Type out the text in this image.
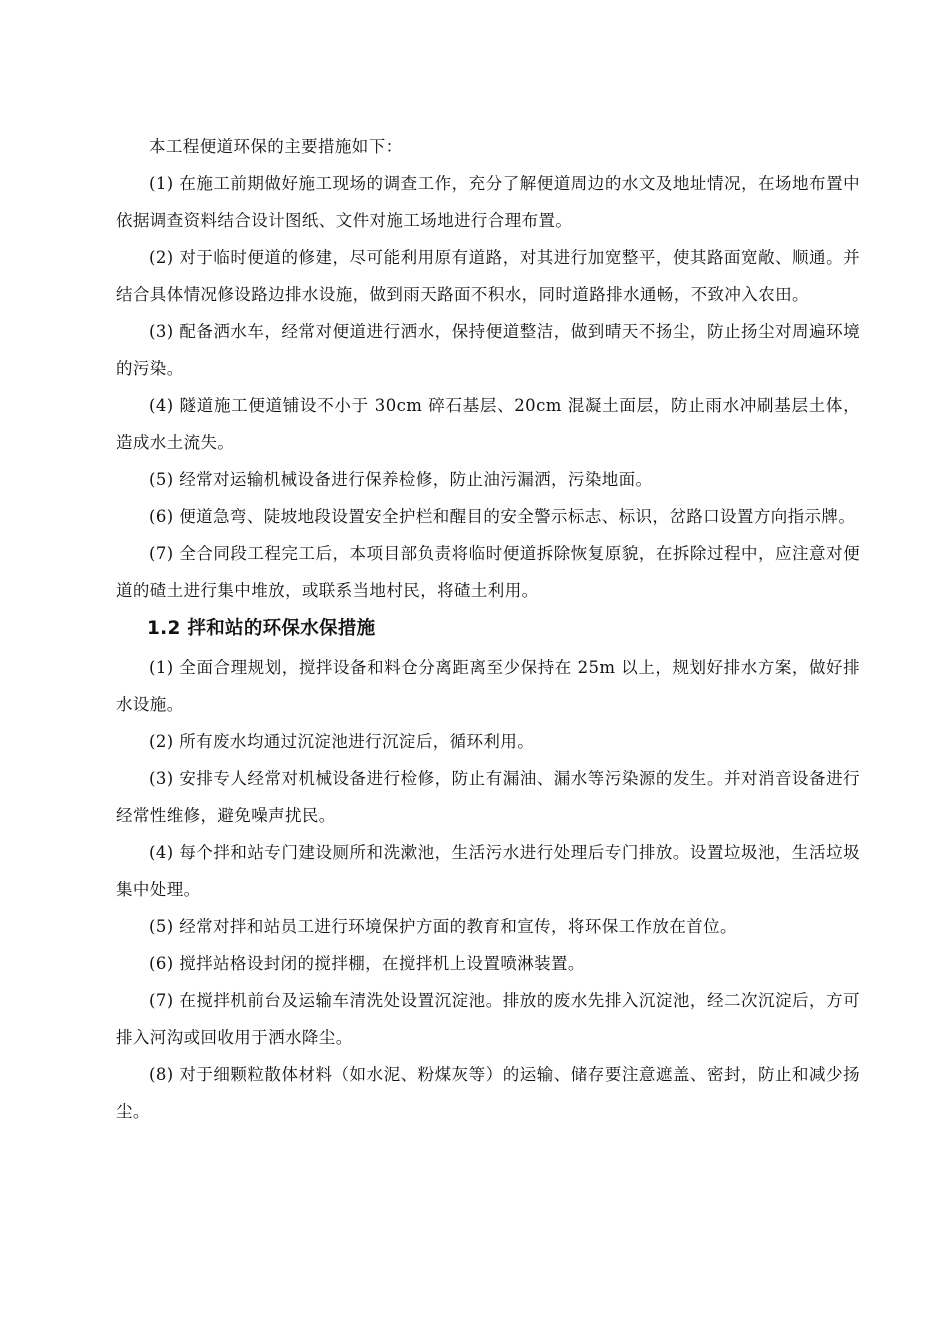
本工程便道环保的主要措施如下：

(1) 在施工前期做好施工现场的调查工作，充分了解便道周边的水文及地址情况，在场地布置中依据调查资料结合设计图纸、文件对施工场地进行合理布置。

(2) 对于临时便道的修建，尽可能利用原有道路，对其进行加宽整平，使其路面宽敞、顺通。并结合具体情况修设路边排水设施，做到雨天路面不积水，同时道路排水通畅，不致冲入农田。

(3) 配备洒水车，经常对便道进行洒水，保持便道整洁，做到晴天不扬尘，防止扬尘对周遍环境的污染。

(4) 隧道施工便道铺设不小于 30cm 碎石基层、20cm 混凝土面层，防止雨水冲刷基层土体，造成水土流失。

(5) 经常对运输机械设备进行保养检修，防止油污漏洒，污染地面。

(6) 便道急弯、陡坡地段设置安全护栏和醒目的安全警示标志、标识，岔路口设置方向指示牌。

(7) 全合同段工程完工后，本项目部负责将临时便道拆除恢复原貌，在拆除过程中，应注意对便道的碴土进行集中堆放，或联系当地村民，将碴土利用。

1.2 拌和站的环保水保措施

(1) 全面合理规划，搅拌设备和料仓分离距离至少保持在 25m 以上，规划好排水方案，做好排水设施。

(2) 所有废水均通过沉淀池进行沉淀后，循环利用。

(3) 安排专人经常对机械设备进行检修，防止有漏油、漏水等污染源的发生。并对消音设备进行经常性维修，避免噪声扰民。

(4) 每个拌和站专门建设厕所和洗漱池，生活污水进行处理后专门排放。设置垃圾池，生活垃圾集中处理。

(5) 经常对拌和站员工进行环境保护方面的教育和宣传，将环保工作放在首位。

(6) 搅拌站格设封闭的搅拌棚，在搅拌机上设置喷淋装置。

(7) 在搅拌机前台及运输车清洗处设置沉淀池。排放的废水先排入沉淀池，经二次沉淀后，方可排入河沟或回收用于洒水降尘。

(8) 对于细颗粒散体材料（如水泥、粉煤灰等）的运输、储存要注意遮盖、密封，防止和减少扬尘。
